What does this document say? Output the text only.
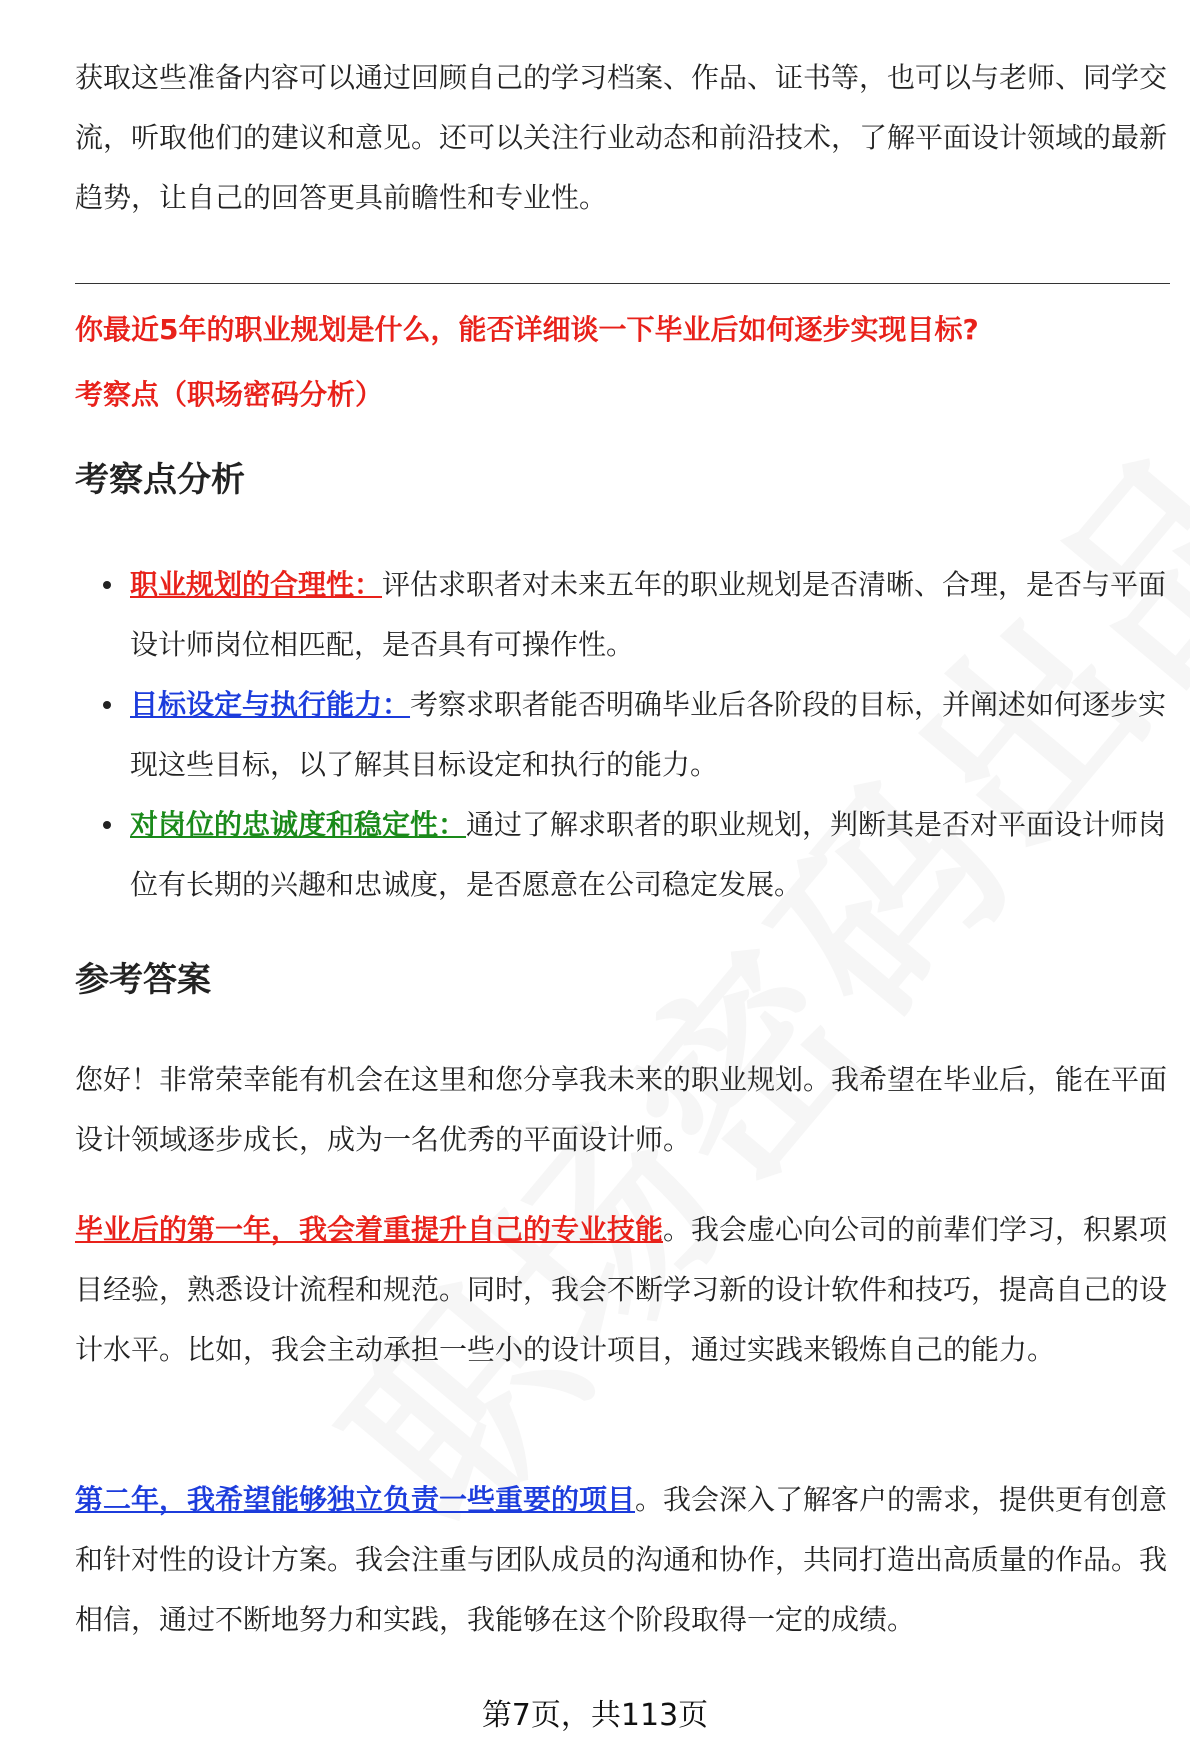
获取这些准备内容可以通过回顾自己的学习档案、作品、证书等，也可以与老师、同学交流，听取他们的建议和意见。还可以关注行业动态和前沿技术，了解平面设计领域的最新趋势，让自己的回答更具前瞻性和专业性。

你最近5年的职业规划是什么，能否详细谈一下毕业后如何逐步实现目标?
考察点（职场密码分析）
考察点分析
职业规划的合理性：评估求职者对未来五年的职业规划是否清晰、合理，是否与平面设计师岗位相匹配，是否具有可操作性。
目标设定与执行能力：考察求职者能否明确毕业后各阶段的目标，并阐述如何逐步实现这些目标，以了解其目标设定和执行的能力。
对岗位的忠诚度和稳定性：通过了解求职者的职业规划，判断其是否对平面设计师岗位有长期的兴趣和忠诚度，是否愿意在公司稳定发展。
参考答案

您好！非常荣幸能有机会在这里和您分享我未来的职业规划。我希望在毕业后，能在平面设计领域逐步成长，成为一名优秀的平面设计师。

毕业后的第一年，我会着重提升自己的专业技能。我会虚心向公司的前辈们学习，积累项目经验，熟悉设计流程和规范。同时，我会不断学习新的设计软件和技巧，提高自己的设计水平。比如，我会主动承担一些小的设计项目，通过实践来锻炼自己的能力。

第二年，我希望能够独立负责一些重要的项目。我会深入了解客户的需求，提供更有创意和针对性的设计方案。我会注重与团队成员的沟通和协作，共同打造出高质量的作品。我相信，通过不断地努力和实践，我能够在这个阶段取得一定的成绩。

第7页，共113页
